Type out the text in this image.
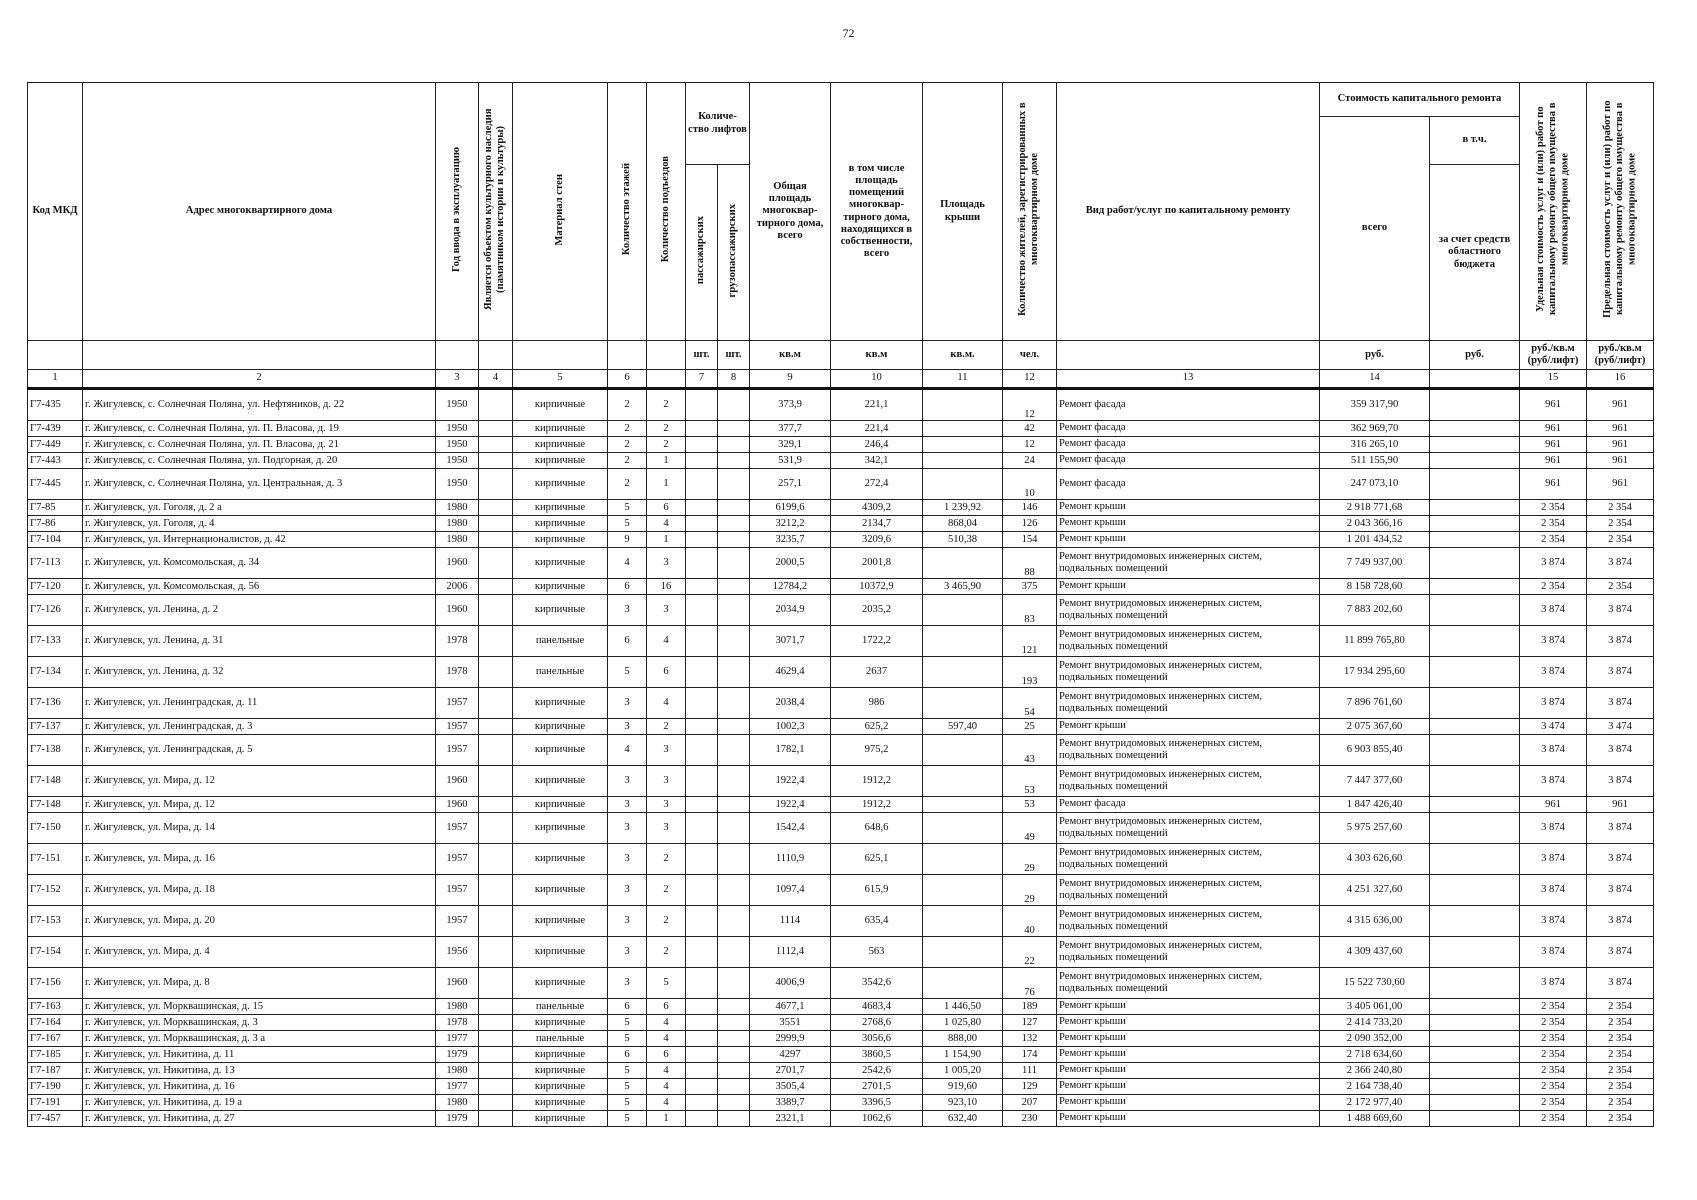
72
Код МКД	Адрес многоквартирного дома	Год ввода в эксплуатацию	Является объектом культурного наследия (памятником истории и культуры)	Материал стен	Количество этажей	Количество подъездов	Количе-ство лифтов		Общая площадь многоквар-тирного дома, всего	в том числе площадь помещений многоквар-тирного дома, находящихся в собственности, всего	Площадь крыши	Количество жителей, зарегистрированных в многоквартирном доме	Вид работ/услуг по капитальному ремонту	Стоимость капитального ремонта		Удельная стоимость услуг и (или) работ по капитальному ремонту общего имущества в многоквартирном доме	Предельная стоимость услуг и (или) работ по капитальному ремонту общего имущества в многоквартирном доме
														всего	в т.ч.		
							пассажирских	грузопассажирских							за счет средств областного бюджета		
							шт.	шт.	кв.м	кв.м	кв.м.	чел.		руб.	руб.	руб./кв.м (руб/лифт)	руб./кв.м (руб/лифт)
1	2	3	4	5	6		7	8	9	10	11	12	13	14		15	16
Г7-435	г. Жигулевск, с. Солнечная Поляна, ул. Нефтяников, д. 22	1950		кирпичные	2	2			373,9	221,1		12	Ремонт фасада	359 317,90		961	961
Г7-439	г. Жигулевск, с. Солнечная Поляна, ул. П. Власова, д. 19	1950		кирпичные	2	2			377,7	221,4		42	Ремонт фасада	362 969,70		961	961
Г7-449	г. Жигулевск, с. Солнечная Поляна, ул. П. Власова, д. 21	1950		кирпичные	2	2			329,1	246,4		12	Ремонт фасада	316 265,10		961	961
Г7-443	г. Жигулевск, с. Солнечная Поляна, ул. Подгорная, д. 20	1950		кирпичные	2	1			531,9	342,1		24	Ремонт фасада	511 155,90		961	961
Г7-445	г. Жигулевск, с. Солнечная Поляна, ул. Центральная, д. 3	1950		кирпичные	2	1			257,1	272,4		10	Ремонт фасада	247 073,10		961	961
Г7-85	г. Жигулевск, ул. Гоголя, д. 2 а	1980		кирпичные	5	6			6199,6	4309,2	1 239,92	146	Ремонт крыши	2 918 771,68		2 354	2 354
Г7-86	г. Жигулевск, ул. Гоголя, д. 4	1980		кирпичные	5	4			3212,2	2134,7	868,04	126	Ремонт крыши	2 043 366,16		2 354	2 354
Г7-104	г. Жигулевск, ул. Интернационалистов, д. 42	1980		кирпичные	9	1			3235,7	3209,6	510,38	154	Ремонт крыши	1 201 434,52		2 354	2 354
Г7-113	г. Жигулевск, ул. Комсомольская, д. 34	1960		кирпичные	4	3			2000,5	2001,8		88	Ремонт внутридомовых инженерных систем, подвальных помещений	7 749 937,00		3 874	3 874
Г7-120	г. Жигулевск, ул. Комсомольская, д. 56	2006		кирпичные	6	16			12784,2	10372,9	3 465,90	375	Ремонт крыши	8 158 728,60		2 354	2 354
Г7-126	г. Жигулевск, ул. Ленина, д. 2	1960		кирпичные	3	3			2034,9	2035,2		83	Ремонт внутридомовых инженерных систем, подвальных помещений	7 883 202,60		3 874	3 874
Г7-133	г. Жигулевск, ул. Ленина, д. 31	1978		панельные	6	4			3071,7	1722,2		121	Ремонт внутридомовых инженерных систем, подвальных помещений	11 899 765,80		3 874	3 874
Г7-134	г. Жигулевск, ул. Ленина, д. 32	1978		панельные	5	6			4629,4	2637		193	Ремонт внутридомовых инженерных систем, подвальных помещений	17 934 295,60		3 874	3 874
Г7-136	г. Жигулевск, ул. Ленинградская, д. 11	1957		кирпичные	3	4			2038,4	986		54	Ремонт внутридомовых инженерных систем, подвальных помещений	7 896 761,60		3 874	3 874
Г7-137	г. Жигулевск, ул. Ленинградская, д. 3	1957		кирпичные	3	2			1002,3	625,2	597,40	25	Ремонт крыши	2 075 367,60		3 474	3 474
Г7-138	г. Жигулевск, ул. Ленинградская, д. 5	1957		кирпичные	4	3			1782,1	975,2		43	Ремонт внутридомовых инженерных систем, подвальных помещений	6 903 855,40		3 874	3 874
Г7-148	г. Жигулевск, ул. Мира, д. 12	1960		кирпичные	3	3			1922,4	1912,2		53	Ремонт внутридомовых инженерных систем, подвальных помещений	7 447 377,60		3 874	3 874
Г7-148	г. Жигулевск, ул. Мира, д. 12	1960		кирпичные	3	3			1922,4	1912,2		53	Ремонт фасада	1 847 426,40		961	961
Г7-150	г. Жигулевск, ул. Мира, д. 14	1957		кирпичные	3	3			1542,4	648,6		49	Ремонт внутридомовых инженерных систем, подвальных помещений	5 975 257,60		3 874	3 874
Г7-151	г. Жигулевск, ул. Мира, д. 16	1957		кирпичные	3	2			1110,9	625,1		29	Ремонт внутридомовых инженерных систем, подвальных помещений	4 303 626,60		3 874	3 874
Г7-152	г. Жигулевск, ул. Мира, д. 18	1957		кирпичные	3	2			1097,4	615,9		29	Ремонт внутридомовых инженерных систем, подвальных помещений	4 251 327,60		3 874	3 874
Г7-153	г. Жигулевск, ул. Мира, д. 20	1957		кирпичные	3	2			1114	635,4		40	Ремонт внутридомовых инженерных систем, подвальных помещений	4 315 636,00		3 874	3 874
Г7-154	г. Жигулевск, ул. Мира, д. 4	1956		кирпичные	3	2			1112,4	563		22	Ремонт внутридомовых инженерных систем, подвальных помещений	4 309 437,60		3 874	3 874
Г7-156	г. Жигулевск, ул. Мира, д. 8	1960		кирпичные	3	5			4006,9	3542,6		76	Ремонт внутридомовых инженерных систем, подвальных помещений	15 522 730,60		3 874	3 874
Г7-163	г. Жигулевск, ул. Морквашинская, д. 15	1980		панельные	6	6			4677,1	4683,4	1 446,50	189	Ремонт крыши	3 405 061,00		2 354	2 354
Г7-164	г. Жигулевск, ул. Морквашинская, д. 3	1978		кирпичные	5	4			3551	2768,6	1 025,80	127	Ремонт крыши	2 414 733,20		2 354	2 354
Г7-167	г. Жигулевск, ул. Морквашинская, д. 3 а	1977		панельные	5	4			2999,9	3056,6	888,00	132	Ремонт крыши	2 090 352,00		2 354	2 354
Г7-185	г. Жигулевск, ул. Никитина, д. 11	1979		кирпичные	6	6			4297	3860,5	1 154,90	174	Ремонт крыши	2 718 634,60		2 354	2 354
Г7-187	г. Жигулевск, ул. Никитина, д. 13	1980		кирпичные	5	4			2701,7	2542,6	1 005,20	111	Ремонт крыши	2 366 240,80		2 354	2 354
Г7-190	г. Жигулевск, ул. Никитина, д. 16	1977		кирпичные	5	4			3505,4	2701,5	919,60	129	Ремонт крыши	2 164 738,40		2 354	2 354
Г7-191	г. Жигулевск, ул. Никитина, д. 19 а	1980		кирпичные	5	4			3389,7	3396,5	923,10	207	Ремонт крыши	2 172 977,40		2 354	2 354
Г7-457	г. Жигулевск, ул. Никитина, д. 27	1979		кирпичные	5	1			2321,1	1062,6	632,40	230	Ремонт крыши	1 488 669,60		2 354	2 354
